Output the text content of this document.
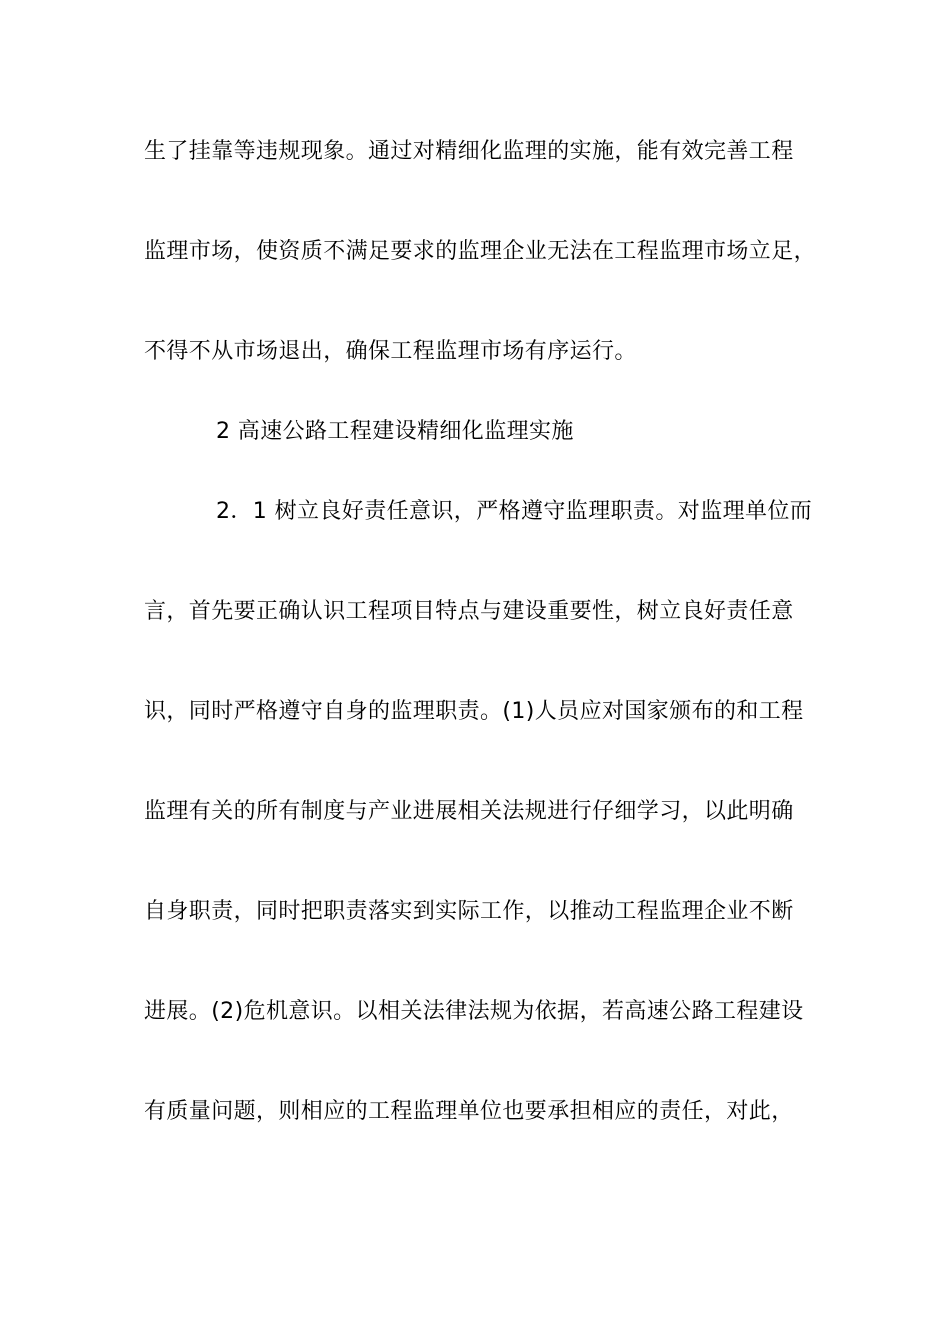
生了挂靠等违规现象。通过对精细化监理的实施，能有效完善工程
监理市场，使资质不满足要求的监理企业无法在工程监理市场立足，
不得不从市场退出，确保工程监理市场有序运行。
2 高速公路工程建设精细化监理实施
2．1 树立良好责任意识，严格遵守监理职责。对监理单位而
言，首先要正确认识工程项目特点与建设重要性，树立良好责任意
识，同时严格遵守自身的监理职责。(1)人员应对国家颁布的和工程
监理有关的所有制度与产业进展相关法规进行仔细学习，以此明确
自身职责，同时把职责落实到实际工作，以推动工程监理企业不断
进展。(2)危机意识。以相关法律法规为依据，若高速公路工程建设
有质量问题，则相应的工程监理单位也要承担相应的责任，对此，
